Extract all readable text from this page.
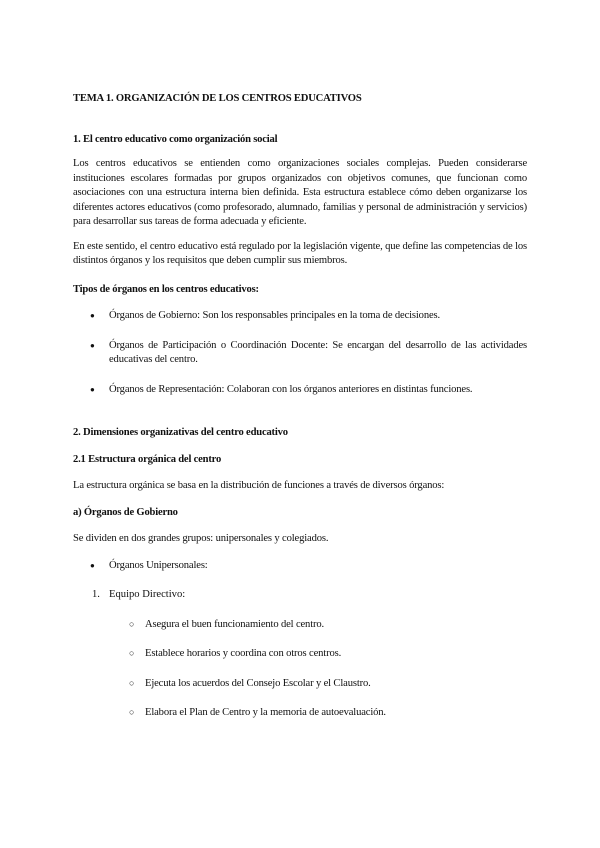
TEMA 1. ORGANIZACIÓN DE LOS CENTROS EDUCATIVOS
1. El centro educativo como organización social

Los centros educativos se entienden como organizaciones sociales complejas. Pueden considerarse instituciones escolares formadas por grupos organizados con objetivos comunes, que funcionan como asociaciones con una estructura interna bien definida. Esta estructura establece cómo deben organizarse los diferentes actores educativos (como profesorado, alumnado, familias y personal de administración y servicios) para desarrollar sus tareas de forma adecuada y eficiente.

En este sentido, el centro educativo está regulado por la legislación vigente, que define las competencias de los distintos órganos y los requisitos que deben cumplir sus miembros.

Tipos de órganos en los centros educativos:
● Órganos de Gobierno: Son los responsables principales en la toma de decisiones.
● Órganos de Participación o Coordinación Docente: Se encargan del desarrollo de las actividades educativas del centro.
● Órganos de Representación: Colaboran con los órganos anteriores en distintas funciones.
2. Dimensiones organizativas del centro educativo
2.1 Estructura orgánica del centro

La estructura orgánica se basa en la distribución de funciones a través de diversos órganos:

a) Órganos de Gobierno

Se dividen en dos grandes grupos: unipersonales y colegiados.

● Órganos Unipersonales:
1. Equipo Directivo:
○ Asegura el buen funcionamiento del centro.
○ Establece horarios y coordina con otros centros.
○ Ejecuta los acuerdos del Consejo Escolar y el Claustro.
○ Elabora el Plan de Centro y la memoria de autoevaluación.
